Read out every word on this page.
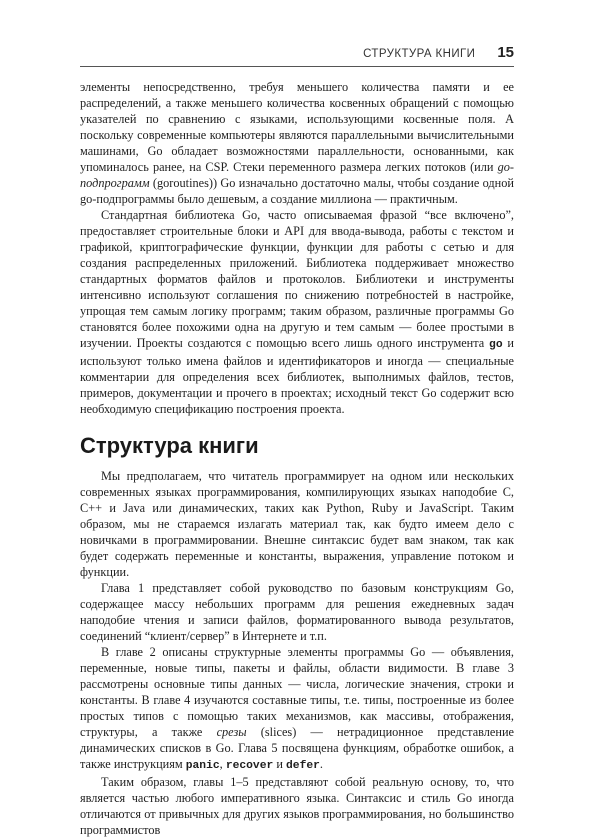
СТРУКТУРА КНИГИ 15

элементы непосредственно, требуя меньшего количества памяти и ее распределений, а также меньшего количества косвенных обращений с помощью указателей по сравнению с языками, использующими косвенные поля. А поскольку современные компьютеры являются параллельными вычислительными машинами, Go обладает возможностями параллельности, основанными, как упоминалось ранее, на CSP. Стеки переменного размера легких потоков (или go-подпрограмм (goroutines)) Go изначально достаточно малы, чтобы создание одной go-подпрограммы было дешевым, а создание миллиона — практичным.

Стандартная библиотека Go, часто описываемая фразой “все включено”, предоставляет строительные блоки и API для ввода-вывода, работы с текстом и графикой, криптографические функции, функции для работы с сетью и для создания распределенных приложений. Библиотека поддерживает множество стандартных форматов файлов и протоколов. Библиотеки и инструменты интенсивно используют соглашения по снижению потребностей в настройке, упрощая тем самым логику программ; таким образом, различные программы Go становятся более похожими одна на другую и тем самым — более простыми в изучении. Проекты создаются с помощью всего лишь одного инструмента go и используют только имена файлов и идентификаторов и иногда — специальные комментарии для определения всех библиотек, выполнимых файлов, тестов, примеров, документации и прочего в проектах; исходный текст Go содержит всю необходимую спецификацию построения проекта.

Структура книги

Мы предполагаем, что читатель программирует на одном или нескольких современных языках программирования, компилирующих языках наподобие C, C++ и Java или динамических, таких как Python, Ruby и JavaScript. Таким образом, мы не стараемся излагать материал так, как будто имеем дело с новичками в программировании. Внешне синтаксис будет вам знаком, так как будет содержать переменные и константы, выражения, управление потоком и функции.

Глава 1 представляет собой руководство по базовым конструкциям Go, содержащее массу небольших программ для решения ежедневных задач наподобие чтения и записи файлов, форматированного вывода результатов, соединений “клиент/сервер” в Интернете и т.п.

В главе 2 описаны структурные элементы программы Go — объявления, переменные, новые типы, пакеты и файлы, области видимости. В главе 3 рассмотрены основные типы данных — числа, логические значения, строки и константы. В главе 4 изучаются составные типы, т.е. типы, построенные из более простых типов с помощью таких механизмов, как массивы, отображения, структуры, а также срезы (slices) — нетрадиционное представление динамических списков в Go. Глава 5 посвящена функциям, обработке ошибок, а также инструкциям panic, recover и defer.

Таким образом, главы 1–5 представляют собой реальную основу, то, что является частью любого императивного языка. Синтаксис и стиль Go иногда отличаются от привычных для других языков программирования, но большинство программистов
